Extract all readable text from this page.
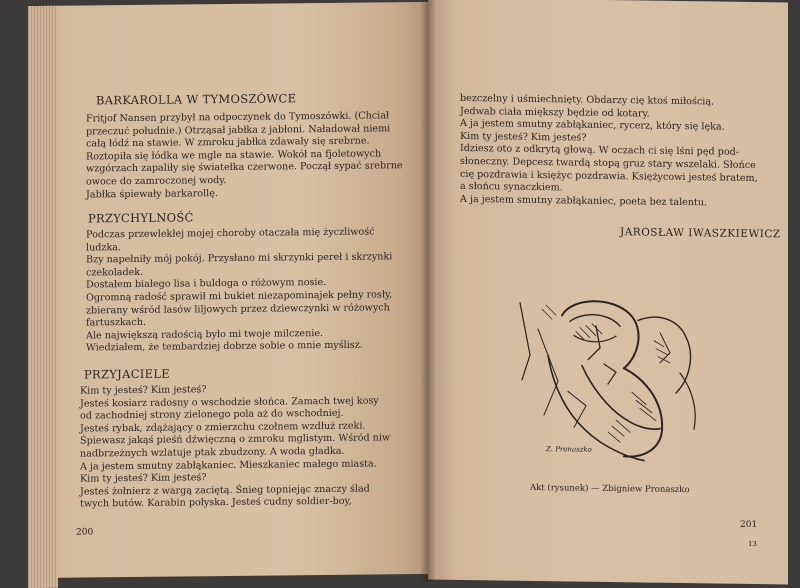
BARKAROLLA W TYMOSZÓWCE
Fritjof Nansen przybył na odpoczynek do Tymoszówki. (Chciał
przeczuć południe.) Otrząsał jabłka z jabłoni. Naładował niemi
całą łódź na stawie. W zmroku jabłka zdawały się srebrne.
Roztopiła się łódka we mgle na stawie. Wokół na fjoletowych
wzgórzach zapaliły się światełka czerwone. Począł sypać srebrne
owoce do zamroczonej wody.
Jabłka śpiewały barkarollę.
PRZYCHYLNOŚĆ
Podczas przewlekłej mojej choroby otaczała mię życzliwość
ludzka.
Bzy napełniły mój pokój. Przysłano mi skrzynki pereł i skrzynki
czekoladek.
Dostałem białego lisa i buldoga o różowym nosie.
Ogromną radość sprawił mi bukiet niezapominajek pełny rosły,
zbierany wśród lasów liljowych przez dziewczynki w różowych
fartuszkach.
Ale największą radością było mi twoje milczenie.
Wiedziałem, że tembardziej dobrze sobie o mnie myślisz.
PRZYJACIELE
Kim ty jesteś? Kim jesteś?
Jesteś kosiarz radosny o wschodzie słońca. Zamach twej kosy
od zachodniej strony zielonego pola aż do wschodniej.
Jesteś rybak, zdążający o zmierzchu czołnem wzdłuż rzeki.
Śpiewasz jakąś pieśń dźwięczną o zmroku mglistym. Wśród niw
nadbrzeżnych wzlatuje ptak zbudzony. A woda gładka.
A ja jestem smutny zabłąkaniec. Mieszkaniec małego miasta.
Kim ty jesteś? Kim jesteś?
Jesteś żołnierz z wargą zaciętą. Śnieg topniejąc znaczy ślad
twych butów. Karabin połyska. Jesteś cudny soldier-boy,
200
bezczelny i uśmiechnięty. Obdarzy cię ktoś miłością.
Jedwab ciała miększy będzie od kotary.
A ja jestem smutny zabłąkaniec, rycerz, który się lęka.
Kim ty jesteś? Kim jesteś?
Idziesz oto z odkrytą głową. W oczach ci się lśni pęd pod-
słoneczny. Depcesz twardą stopą gruz stary wszelaki. Słońce
cię pozdrawia i księżyc pozdrawia. Księżycowi jesteś bratem,
a słońcu synaczkiem.
A ja jestem smutny zabłąkaniec, poeta bez talentu.
JAROSŁAW IWASZKIEWICZ
Z. Pronaszko
Akt (rysunek) — Zbigniew Pronaszko
201
13
